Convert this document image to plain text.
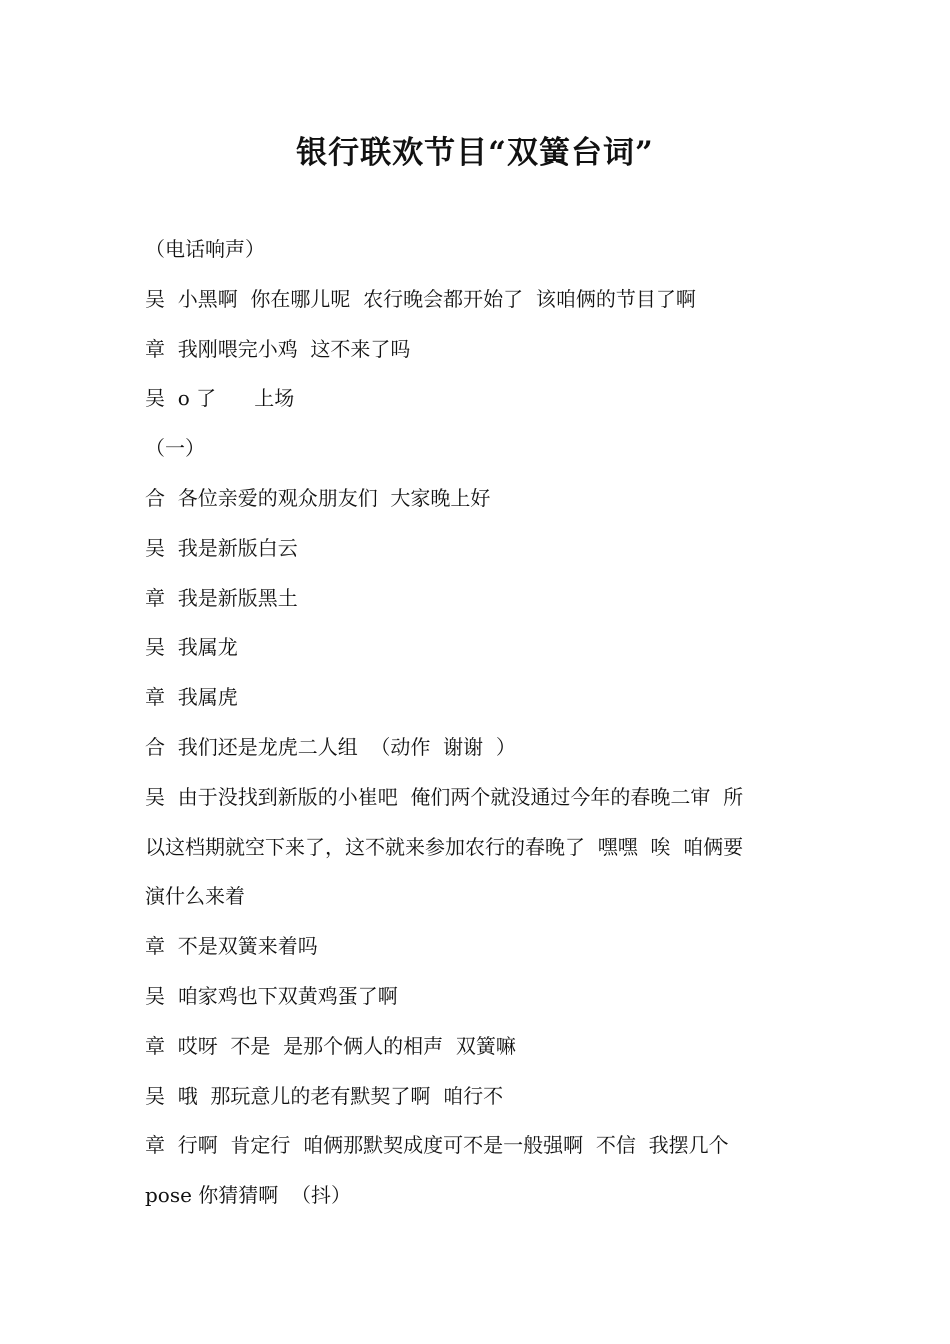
银行联欢节目“双簧台词”

（电话响声）

吴  小黑啊  你在哪儿呢  农行晚会都开始了  该咱俩的节目了啊

章  我刚喂完小鸡  这不来了吗

吴  o 了      上场

（一）

合  各位亲爱的观众朋友们  大家晚上好

吴  我是新版白云

章  我是新版黑土

吴  我属龙

章  我属虎

合  我们还是龙虎二人组  （动作  谢谢  ）

吴  由于没找到新版的小崔吧  俺们两个就没通过今年的春晚二审  所

以这档期就空下来了，这不就来参加农行的春晚了  嘿嘿  唉  咱俩要

演什么来着

章  不是双簧来着吗

吴  咱家鸡也下双黄鸡蛋了啊

章  哎呀  不是  是那个俩人的相声  双簧嘛

吴  哦  那玩意儿的老有默契了啊  咱行不

章  行啊  肯定行  咱俩那默契成度可不是一般强啊  不信  我摆几个

pose 你猜猜啊  （抖）
